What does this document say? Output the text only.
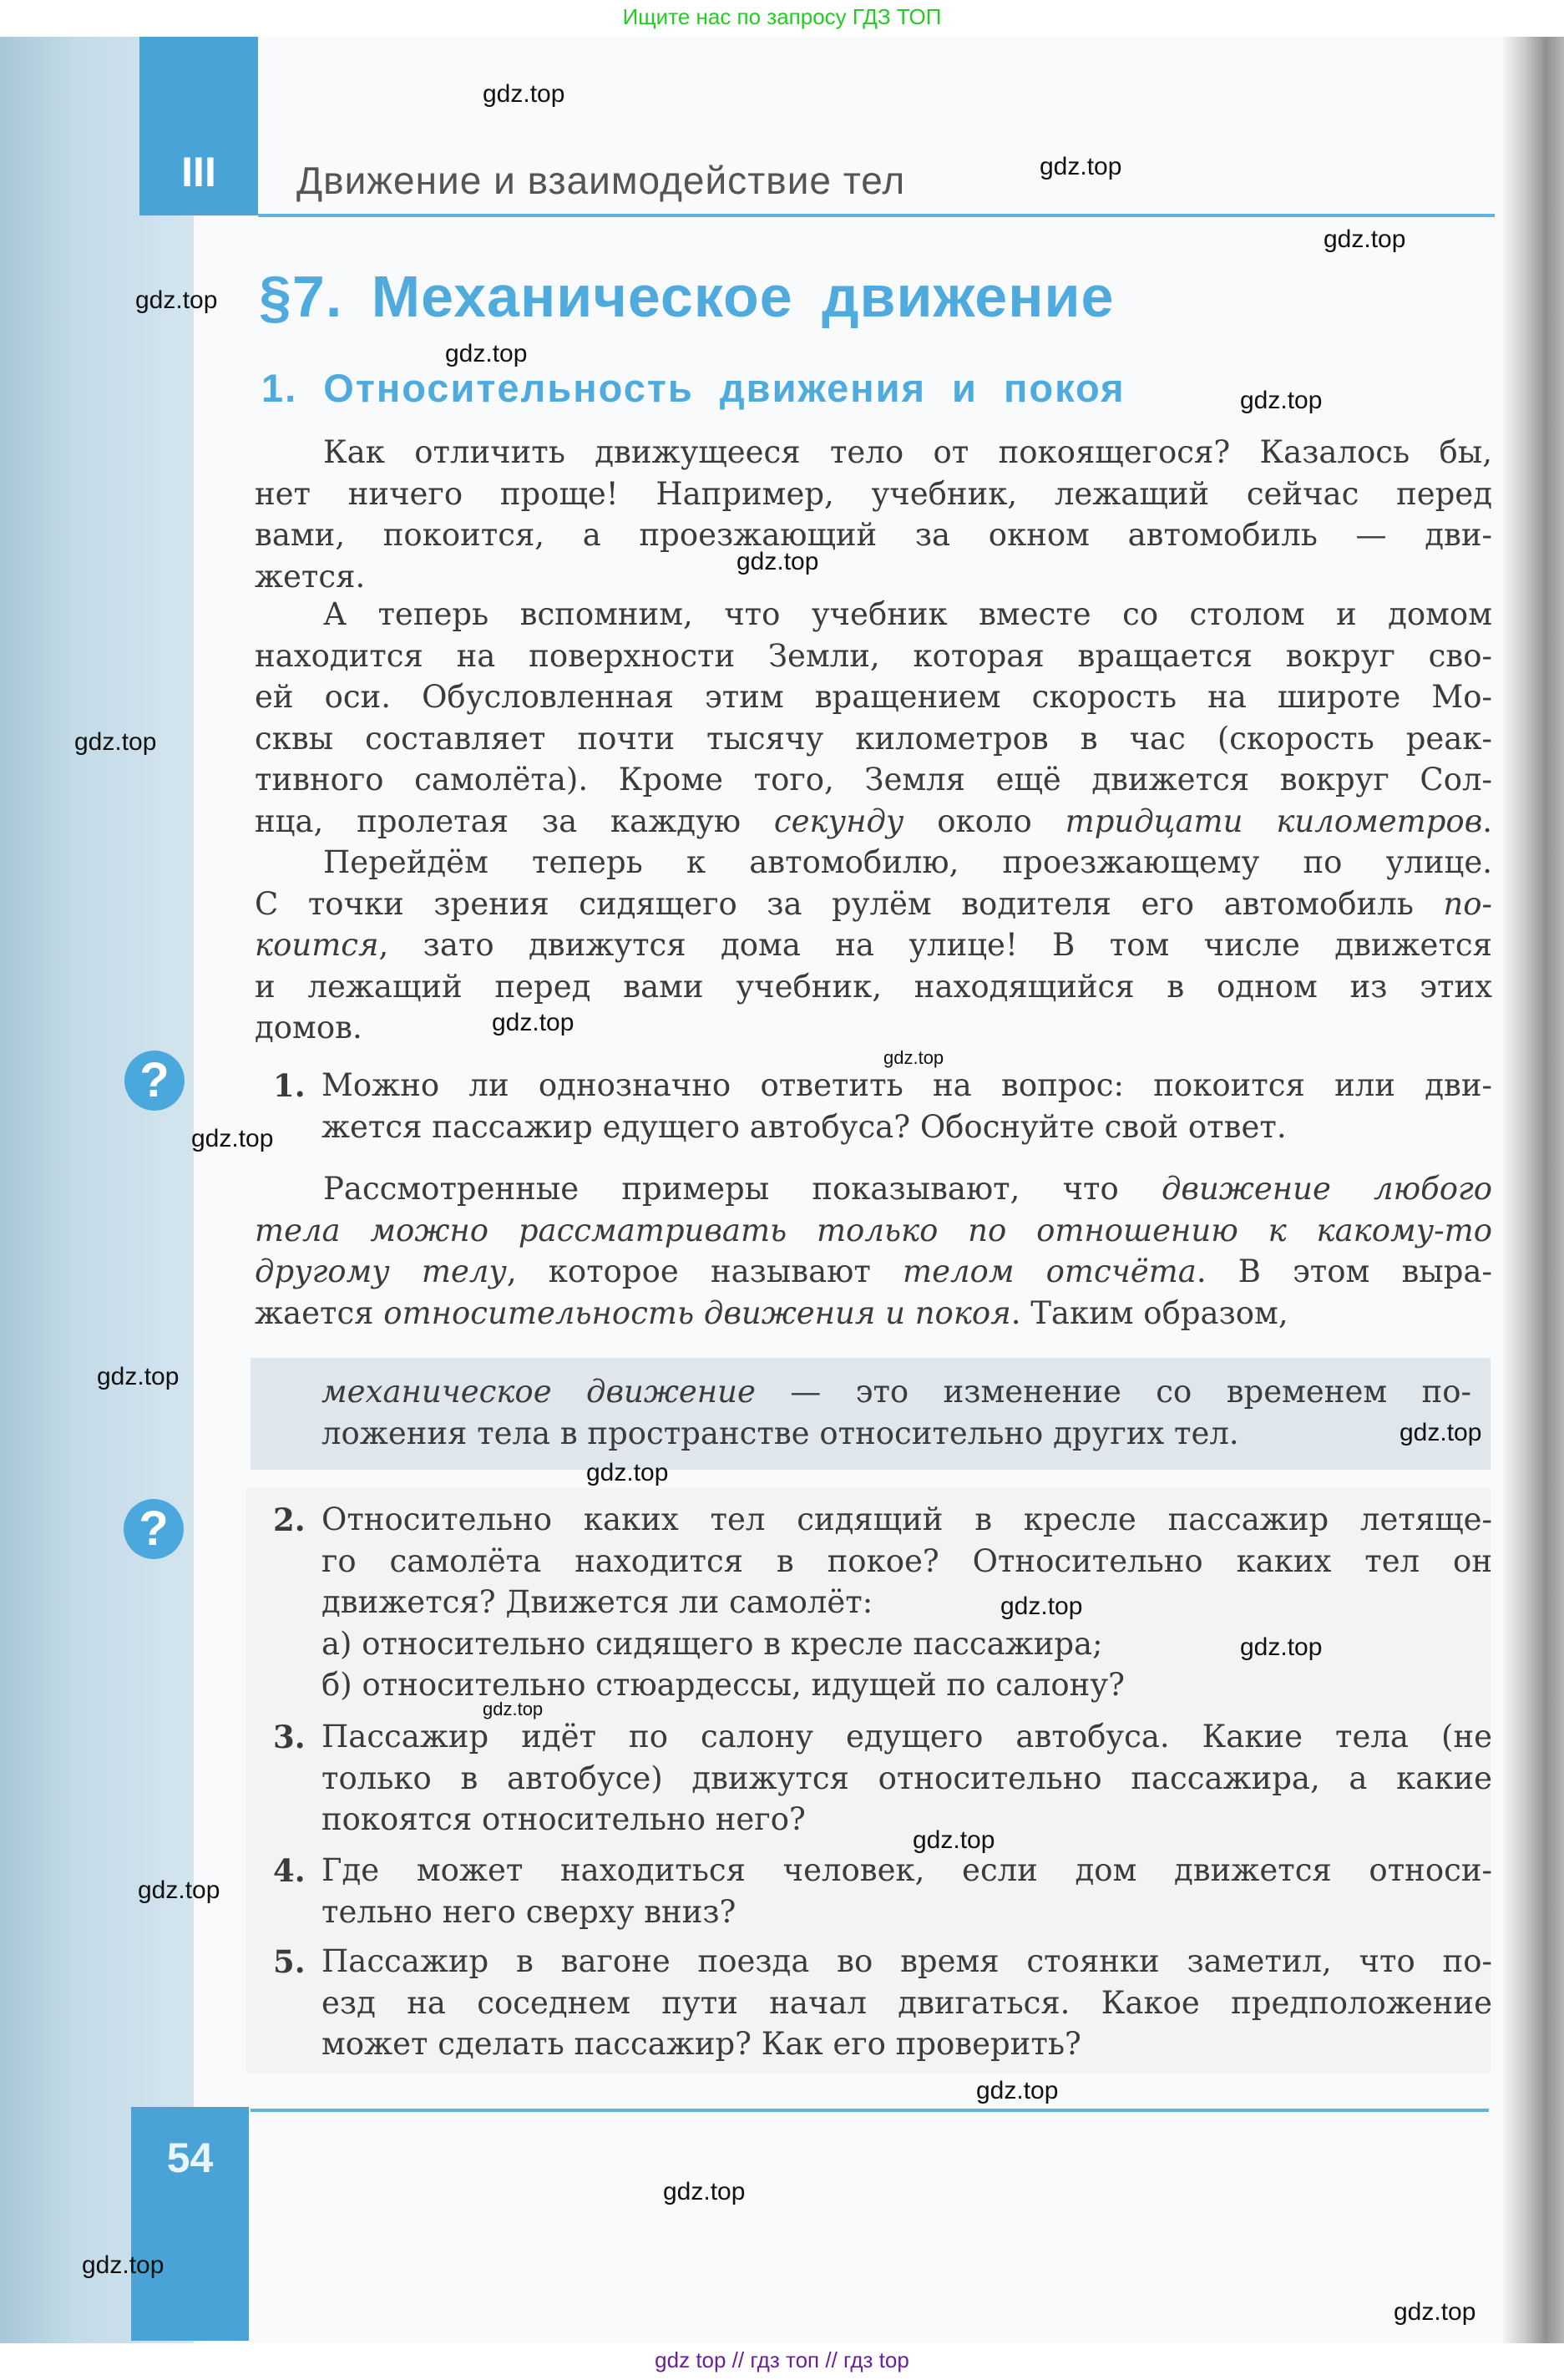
Ищите нас по запросу ГДЗ ТОП
III	Движение и взаимодействие тел
§7. Механическое движение
1. Относительность движения и покоя
?
?
Как отличить движущееся тело от покоящегося? Казалось бы,
нет ничего проще! Например, учебник, лежащий сейчас перед
вами, покоится, а проезжающий за окном автомобиль — дви-
жется.
А теперь вспомним, что учебник вместе со столом и домом
находится на поверхности Земли, которая вращается вокруг сво-
ей оси. Обусловленная этим вращением скорость на широте Мо-
сквы составляет почти тысячу километров в час (скорость реак-
тивного самолёта). Кроме того, Земля ещё движется вокруг Сол-
нца, пролетая за каждую секунду около тридцати километров.
Перейдём теперь к автомобилю, проезжающему по улице.
С точки зрения сидящего за рулём водителя его автомобиль по-
коится, зато движутся дома на улице! В том числе движется
и лежащий перед вами учебник, находящийся в одном из этих
домов.
1. Можно ли однозначно ответить на вопрос: покоится или дви-
жется пассажир едущего автобуса? Обоснуйте свой ответ.
Рассмотренные примеры показывают, что движение любого
тела можно рассматривать только по отношению к какому-то
другому телу, которое называют телом отсчёта. В этом выра-
жается относительность движения и покоя. Таким образом,
механическое движение — это изменение со временем по-
ложения тела в пространстве относительно других тел.
2. Относительно каких тел сидящий в кресле пассажир летяще-
го самолёта находится в покое? Относительно каких тел он
движется? Движется ли самолёт:
а) относительно сидящего в кресле пассажира;
б) относительно стюардессы, идущей по салону?
3. Пассажир идёт по салону едущего автобуса. Какие тела (не
только в автобусе) движутся относительно пассажира, а какие
покоятся относительно него?
4. Где может находиться человек, если дом движется относи-
тельно него сверху вниз?
5. Пассажир в вагоне поезда во время стоянки заметил, что по-
езд на соседнем пути начал двигаться. Какое предположение
может сделать пассажир? Как его проверить?
54
gdz.top
gdz.top
gdz.top
gdz.top
gdz.top
gdz.top
gdz.top
gdz.top
gdz.top
gdz.top
gdz.top
gdz.top
gdz.top
gdz.top
gdz.top
gdz.top
gdz.top
gdz.top
gdz.top
gdz.top
gdz.top
gdz.top
gdz.top
gdz top // гдз топ // гдз top
